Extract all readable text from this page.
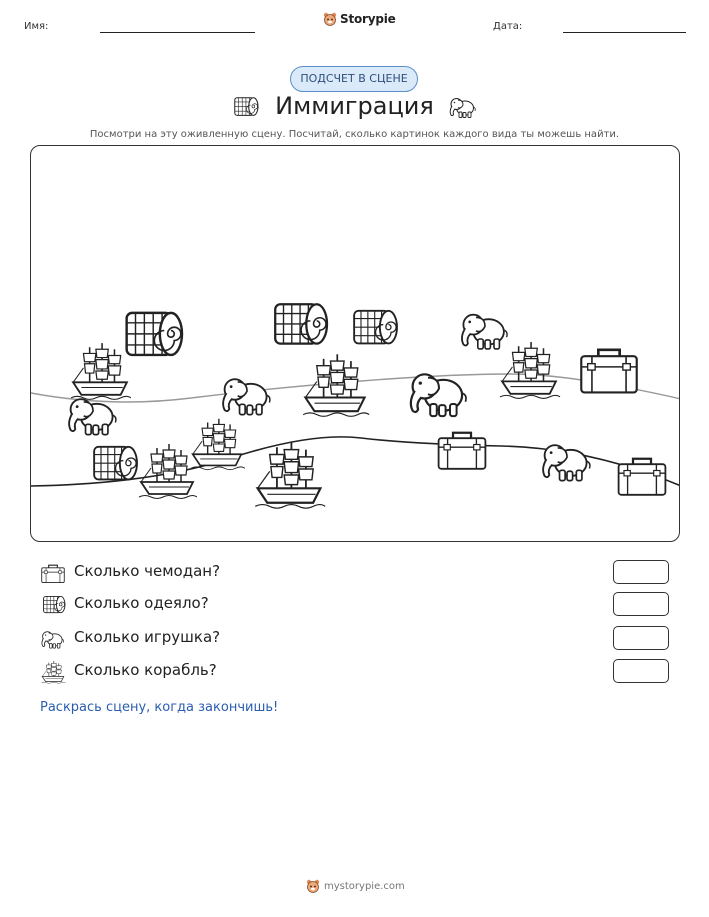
Имя:
Storypie
Дата:
ПОДСЧЕТ В СЦЕНЕ
Иммиграция
Посмотри на эту оживленную сцену. Посчитай, сколько картинок каждого вида ты можешь найти.
Сколько чемодан?
Сколько одеяло?
Сколько игрушка?
Сколько корабль?
Раскрась сцену, когда закончишь!
mystorypie.com
